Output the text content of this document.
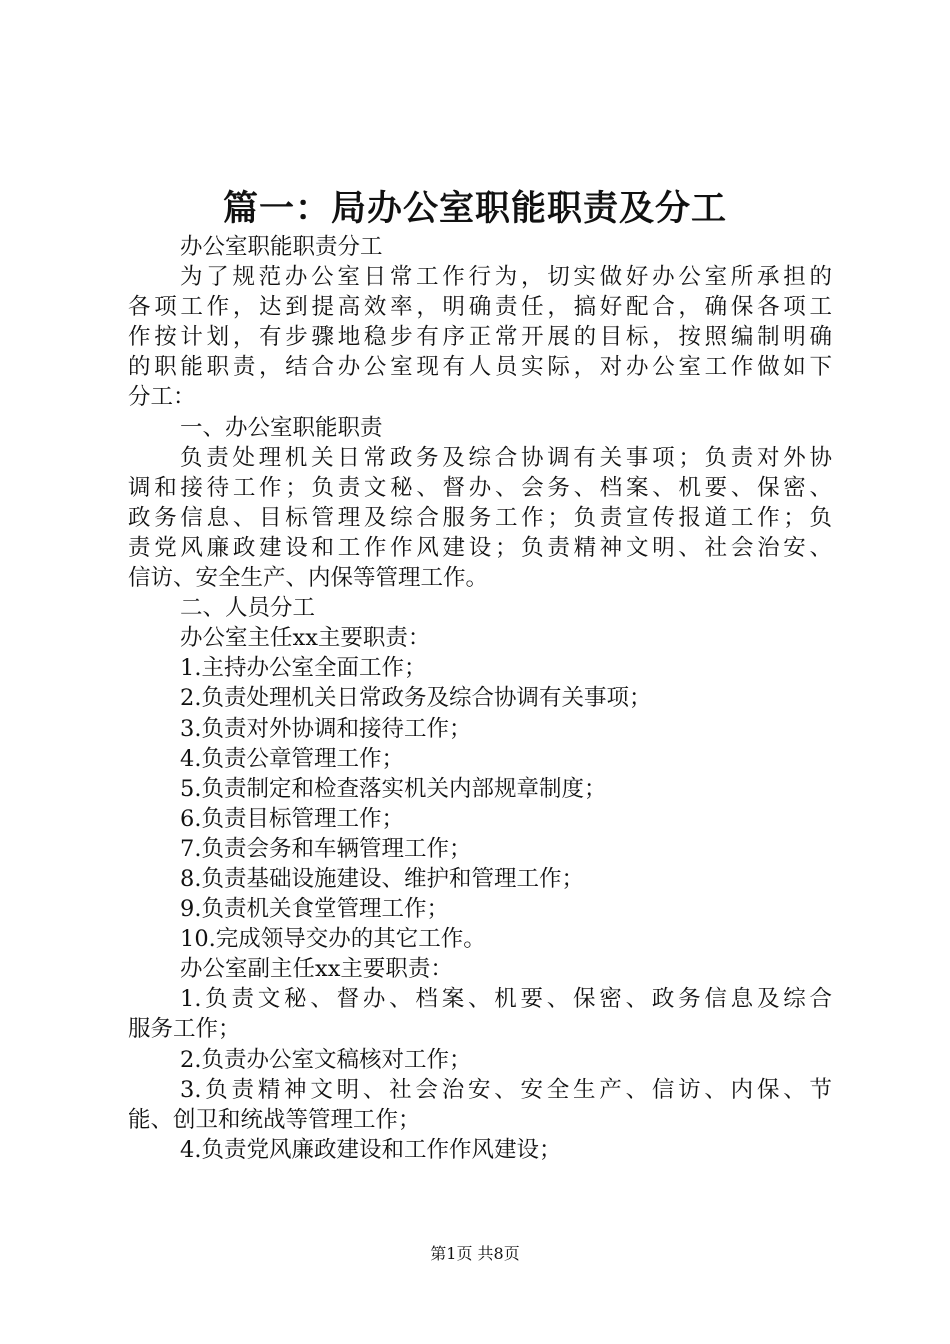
篇一：局办公室职能职责及分工
办公室职能职责分工
为了规范办公室日常工作行为，切实做好办公室所承担的
各项工作，达到提高效率，明确责任，搞好配合，确保各项工
作按计划，有步骤地稳步有序正常开展的目标，按照编制明确
的职能职责，结合办公室现有人员实际，对办公室工作做如下
分工：
一、办公室职能职责
负责处理机关日常政务及综合协调有关事项；负责对外协
调和接待工作；负责文秘、督办、会务、档案、机要、保密、
政务信息、目标管理及综合服务工作；负责宣传报道工作；负
责党风廉政建设和工作作风建设；负责精神文明、社会治安、
信访、安全生产、内保等管理工作。
二、人员分工
办公室主任xx主要职责：
1.主持办公室全面工作；
2.负责处理机关日常政务及综合协调有关事项；
3.负责对外协调和接待工作；
4.负责公章管理工作；
5.负责制定和检查落实机关内部规章制度；
6.负责目标管理工作；
7.负责会务和车辆管理工作；
8.负责基础设施建设、维护和管理工作；
9.负责机关食堂管理工作；
10.完成领导交办的其它工作。
办公室副主任xx主要职责：
1.负责文秘、督办、档案、机要、保密、政务信息及综合
服务工作；
2.负责办公室文稿核对工作；
3.负责精神文明、社会治安、安全生产、信访、内保、节
能、创卫和统战等管理工作；
4.负责党风廉政建设和工作作风建设；
第1页 共8页
